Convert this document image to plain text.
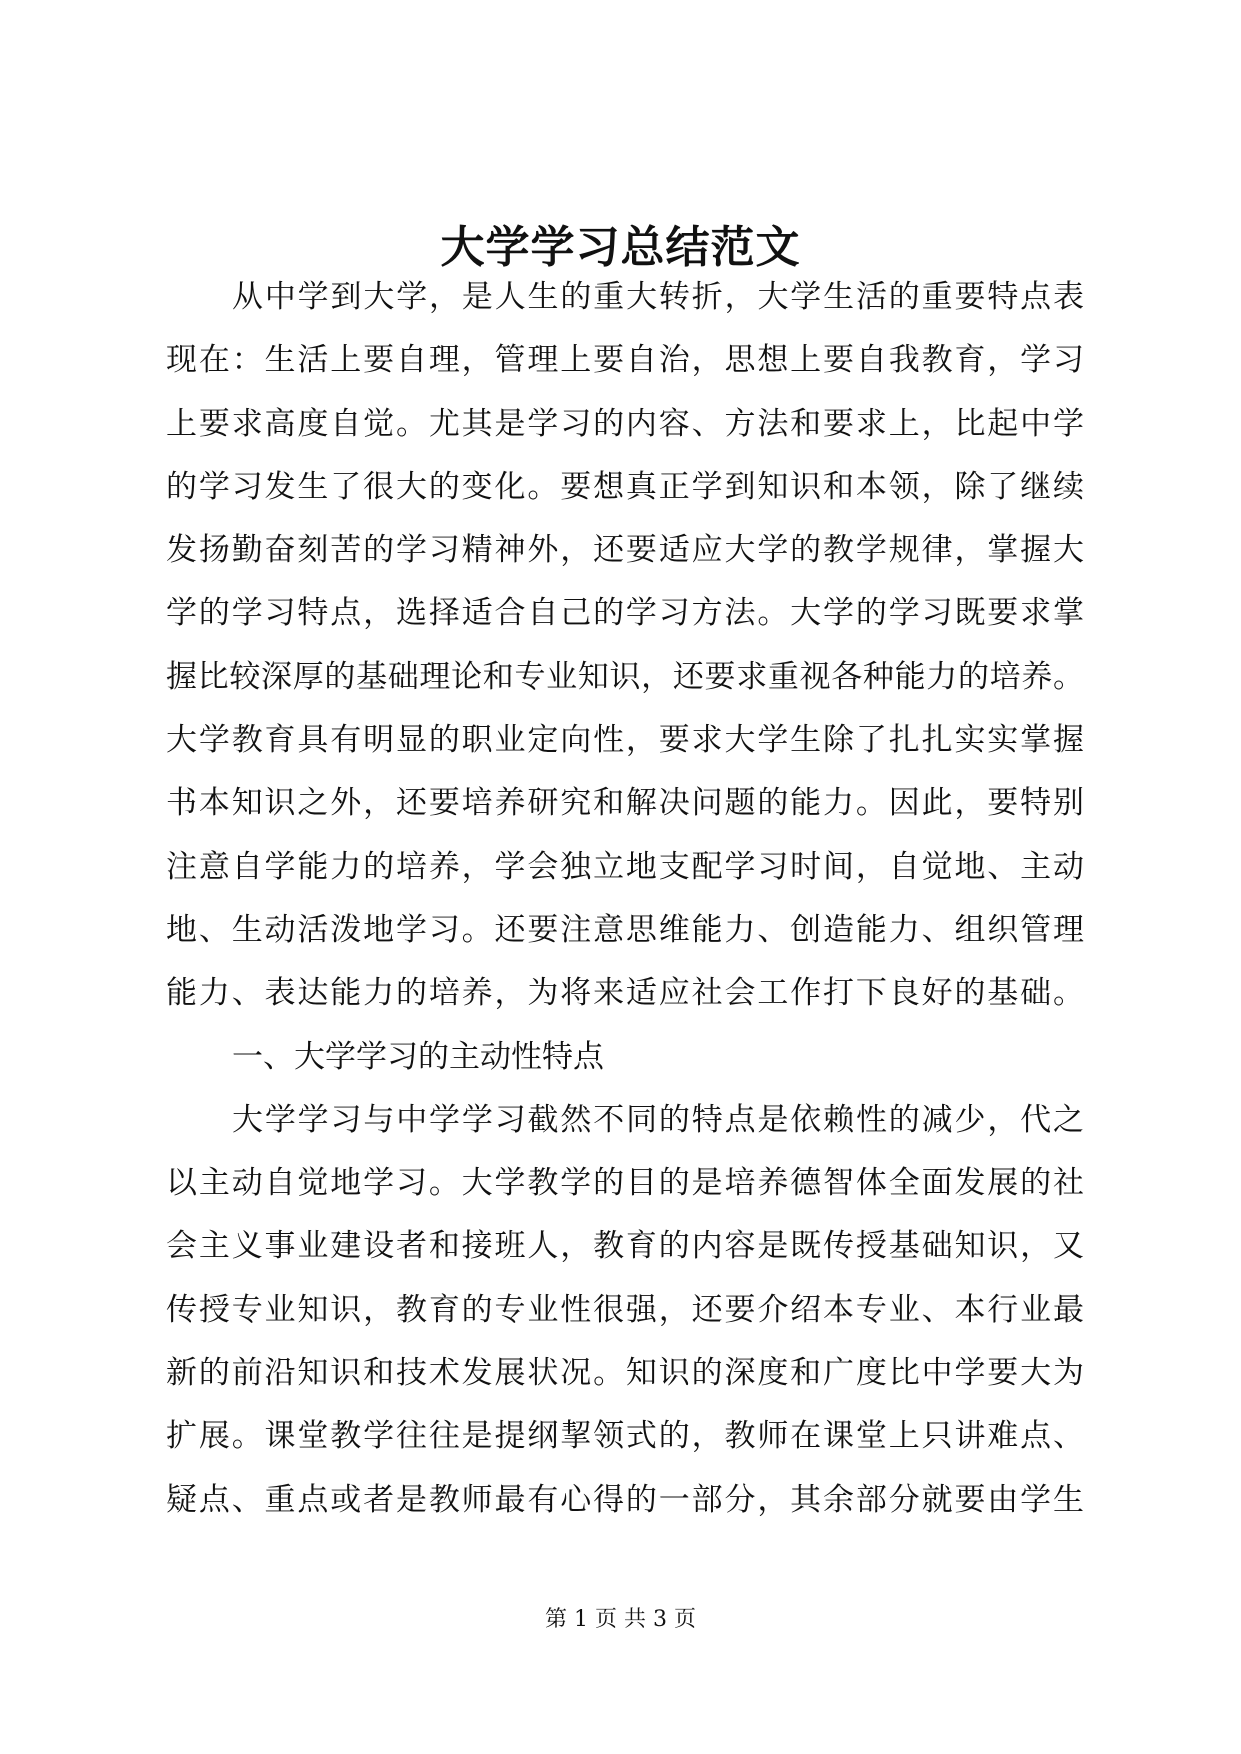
大学学习总结范文
从中学到大学，是人生的重大转折，大学生活的重要特点表
现在：生活上要自理，管理上要自治，思想上要自我教育，学习
上要求高度自觉。尤其是学习的内容、方法和要求上，比起中学
的学习发生了很大的变化。要想真正学到知识和本领，除了继续
发扬勤奋刻苦的学习精神外，还要适应大学的教学规律，掌握大
学的学习特点，选择适合自己的学习方法。大学的学习既要求掌
握比较深厚的基础理论和专业知识，还要求重视各种能力的培养。
大学教育具有明显的职业定向性，要求大学生除了扎扎实实掌握
书本知识之外，还要培养研究和解决问题的能力。因此，要特别
注意自学能力的培养，学会独立地支配学习时间，自觉地、主动
地、生动活泼地学习。还要注意思维能力、创造能力、组织管理
能力、表达能力的培养，为将来适应社会工作打下良好的基础。
一、大学学习的主动性特点
大学学习与中学学习截然不同的特点是依赖性的减少，代之
以主动自觉地学习。大学教学的目的是培养德智体全面发展的社
会主义事业建设者和接班人，教育的内容是既传授基础知识，又
传授专业知识，教育的专业性很强，还要介绍本专业、本行业最
新的前沿知识和技术发展状况。知识的深度和广度比中学要大为
扩展。课堂教学往往是提纲挈领式的，教师在课堂上只讲难点、
疑点、重点或者是教师最有心得的一部分，其余部分就要由学生
第 1 页 共 3 页
